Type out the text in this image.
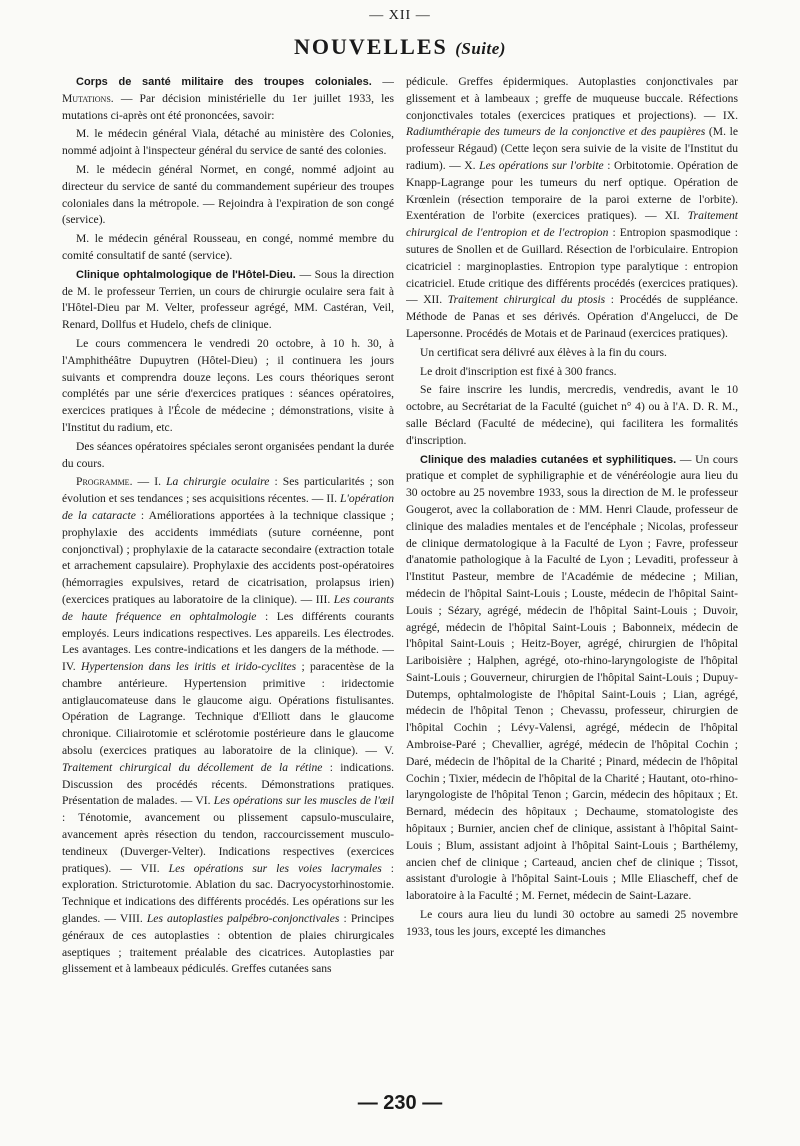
— XII —
NOUVELLES (Suite)

Corps de santé militaire des troupes coloniales. — Mutations. — Par décision ministérielle du 1er juillet 1933, les mutations ci-après ont été prononcées, savoir:

M. le médecin général Viala, détaché au ministère des Colonies, nommé adjoint à l'inspecteur général du service de santé des colonies.

M. le médecin général Normet, en congé, nommé adjoint au directeur du service de santé du commandement supérieur des troupes coloniales dans la métropole. — Rejoindra à l'expiration de son congé (service).

M. le médecin général Rousseau, en congé, nommé membre du comité consultatif de santé (service).

Clinique ophtalmologique de l'Hôtel-Dieu. — Sous la direction de M. le professeur Terrien, un cours de chirurgie oculaire sera fait à l'Hôtel-Dieu par M. Velter, professeur agrégé, MM. Castéran, Veil, Renard, Dollfus et Hudelo, chefs de clinique.

Le cours commencera le vendredi 20 octobre, à 10 h. 30, à l'Amphithéâtre Dupuytren (Hôtel-Dieu) ; il continuera les jours suivants et comprendra douze leçons. Les cours théoriques seront complétés par une série d'exercices pratiques : séances opératoires, exercices pratiques à l'École de médecine ; démonstrations, visite à l'Institut du radium, etc.

Des séances opératoires spéciales seront organisées pendant la durée du cours.

Programme. — I. La chirurgie oculaire : Ses particularités ; son évolution et ses tendances ; ses acquisitions récentes. — II. L'opération de la cataracte : Améliorations apportées à la technique classique ; prophylaxie des accidents immédiats (suture cornéenne, pont conjonctival) ; prophylaxie de la cataracte secondaire (extraction totale et arrachement capsulaire). Prophylaxie des accidents post-opératoires (hémorragies expulsives, retard de cicatrisation, prolapsus irien) (exercices pratiques au laboratoire de la clinique). — III. Les courants de haute fréquence en ophtalmologie : Les différents courants employés. Leurs indications respectives. Les appareils. Les électrodes. Les avantages. Les contre-indications et les dangers de la méthode. — IV. Hypertension dans les iritis et irido-cyclites ; paracentèse de la chambre antérieure. Hypertension primitive : iridectomie antiglaucomateuse dans le glaucome aigu. Opérations fistulisantes. Opération de Lagrange. Technique d'Elliott dans le glaucome chronique. Ciliairotomie et sclérotomie postérieure dans le glaucome absolu (exercices pratiques au laboratoire de la clinique). — V. Traitement chirurgical du décollement de la rétine : indications. Discussion des procédés récents. Démonstrations pratiques. Présentation de malades. — VI. Les opérations sur les muscles de l'œil : Ténotomie, avancement ou plissement capsulo-musculaire, avancement après résection du tendon, raccourcissement musculo-tendineux (Duverger-Velter). Indications respectives (exercices pratiques). — VII. Les opérations sur les voies lacrymales : exploration. Stricturotomie. Ablation du sac. Dacryocystorhinostomie. Technique et indications des différents procédés. Les opérations sur les glandes. — VIII. Les autoplasties palpébro-conjonctivales : Principes généraux de ces autoplasties : obtention de plaies chirurgicales aseptiques ; traitement préalable des cicatrices. Autoplasties par glissement et à lambeaux pédiculés. Greffes cutanées sans

pédicule. Greffes épidermiques. Autoplasties conjonctivales par glissement et à lambeaux ; greffe de muqueuse buccale. Réfections conjonctivales totales (exercices pratiques et projections). — IX. Radiumthérapie des tumeurs de la conjonctive et des paupières (M. le professeur Régaud) (Cette leçon sera suivie de la visite de l'Institut du radium). — X. Les opérations sur l'orbite : Orbitotomie. Opération de Knapp-Lagrange pour les tumeurs du nerf optique. Opération de Krœnlein (résection temporaire de la paroi externe de l'orbite). Exentération de l'orbite (exercices pratiques). — XI. Traitement chirurgical de l'entropion et de l'ectropion : Entropion spasmodique : sutures de Snollen et de Guillard. Résection de l'orbiculaire. Entropion cicatriciel : marginoplasties. Entropion type paralytique : entropion cicatriciel. Etude critique des différents procédés (exercices pratiques). — XII. Traitement chirurgical du ptosis : Procédés de suppléance. Méthode de Panas et ses dérivés. Opération d'Angelucci, de De Lapersonne. Procédés de Motais et de Parinaud (exercices pratiques).

Un certificat sera délivré aux élèves à la fin du cours.

Le droit d'inscription est fixé à 300 francs.

Se faire inscrire les lundis, mercredis, vendredis, avant le 10 octobre, au Secrétariat de la Faculté (guichet n° 4) ou à l'A. D. R. M., salle Béclard (Faculté de médecine), qui facilitera les formalités d'inscription.

Clinique des maladies cutanées et syphilitiques. — Un cours pratique et complet de syphiligraphie et de vénéréologie aura lieu du 30 octobre au 25 novembre 1933, sous la direction de M. le professeur Gougerot, avec la collaboration de : MM. Henri Claude, professeur de clinique des maladies mentales et de l'encéphale ; Nicolas, professeur de clinique dermatologique à la Faculté de Lyon ; Favre, professeur d'anatomie pathologique à la Faculté de Lyon ; Levaditi, professeur à l'Institut Pasteur, membre de l'Académie de médecine ; Milian, médecin de l'hôpital Saint-Louis ; Louste, médecin de l'hôpital Saint-Louis ; Sézary, agrégé, médecin de l'hôpital Saint-Louis ; Duvoir, agrégé, médecin de l'hôpital Saint-Louis ; Babonneix, médecin de l'hôpital Saint-Louis ; Heitz-Boyer, agrégé, chirurgien de l'hôpital Lariboisière ; Halphen, agrégé, oto-rhino-laryngologiste de l'hôpital Saint-Louis ; Gouverneur, chirurgien de l'hôpital Saint-Louis ; Dupuy-Dutemps, ophtalmologiste de l'hôpital Saint-Louis ; Lian, agrégé, médecin de l'hôpital Tenon ; Chevassu, professeur, chirurgien de l'hôpital Cochin ; Lévy-Valensi, agrégé, médecin de l'hôpital Ambroise-Paré ; Chevallier, agrégé, médecin de l'hôpital Cochin ; Daré, médecin de l'hôpital de la Charité ; Pinard, médecin de l'hôpital Cochin ; Tixier, médecin de l'hôpital de la Charité ; Hautant, oto-rhino-laryngologiste de l'hôpital Tenon ; Garcin, médecin des hôpitaux ; Et. Bernard, médecin des hôpitaux ; Dechaume, stomatologiste des hôpitaux ; Burnier, ancien chef de clinique, assistant à l'hôpital Saint-Louis ; Blum, assistant adjoint à l'hôpital Saint-Louis ; Barthélemy, ancien chef de clinique ; Carteaud, ancien chef de clinique ; Tissot, assistant d'urologie à l'hôpital Saint-Louis ; Mlle Eliascheff, chef de laboratoire à la Faculté ; M. Fernet, médecin de Saint-Lazare.

Le cours aura lieu du lundi 30 octobre au samedi 25 novembre 1933, tous les jours, excepté les dimanches

— 230 —
